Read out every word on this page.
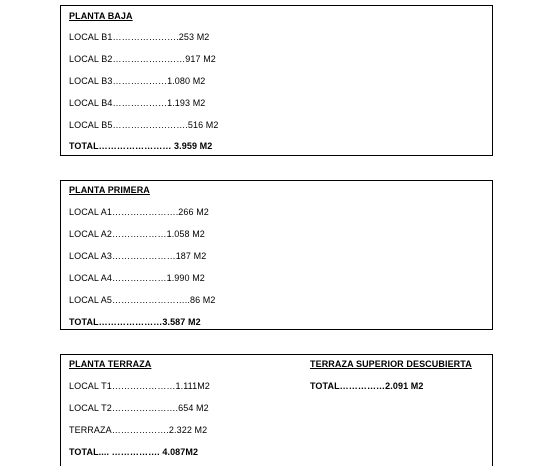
PLANTA BAJA
LOCAL B1………………….253 M2
LOCAL B2……………………917 M2
LOCAL B3………………1.080 M2
LOCAL B4………………1.193 M2
LOCAL B5…………………….516 M2
TOTAL…………………… 3.959 M2
PLANTA PRIMERA
LOCAL A1………………….266 M2
LOCAL A2………………1.058 M2
LOCAL A3…………………187 M2
LOCAL A4………………1.990 M2
LOCAL A5……………………..86 M2
TOTAL…………………3.587 M2
PLANTA TERRAZA
LOCAL T1…………………1.111M2
LOCAL T2………………….654 M2
TERRAZA……………….2.322 M2
TOTAL.... ……………. 4.087M2
TERRAZA SUPERIOR DESCUBIERTA
TOTAL……………2.091 M2
